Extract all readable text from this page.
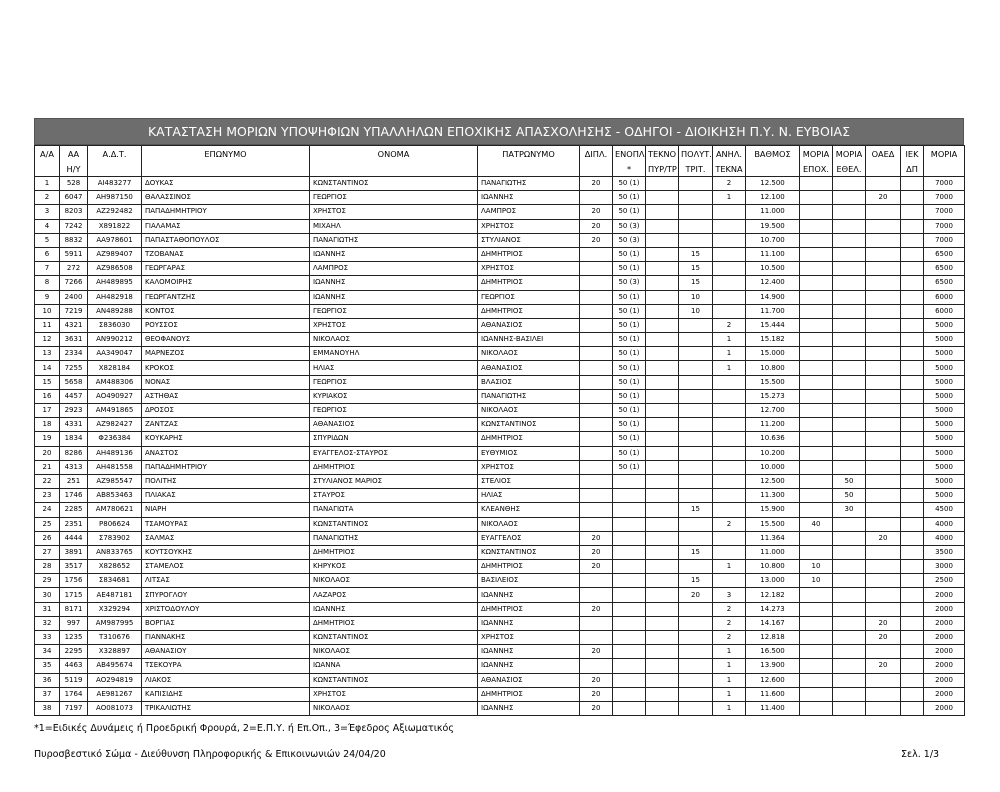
ΚΑΤΑΣΤΑΣΗ ΜΟΡΙΩΝ ΥΠΟΨΗΦΙΩΝ ΥΠΑΛΛΗΛΩΝ ΕΠΟΧΙΚΗΣ ΑΠΑΣΧΟΛΗΣΗΣ - ΟΔΗΓΟΙ - ΔΙΟΙΚΗΣΗ Π.Υ. Ν. ΕΥΒΟΙΑΣ
Α/Α	ΑΑ	Α.Δ.Τ.	ΕΠΩΝΥΜΟ	ΟΝΟΜΑ	ΠΑΤΡΩΝΥΜΟ	ΔΙΠΛ.	ΕΝΟΠΛ	ΤΕΚΝΟ	ΠΟΛΥΤ.	ΑΝΗΛ.	ΒΑΘΜΟΣ	ΜΟΡΙΑ	ΜΟΡΙΑ	ΟΑΕΔ	ΙΕΚ	ΜΟΡΙΑ
	Η/Υ						*	ΠΥΡ/ΤΡ	ΤΡΙΤ.	ΤΕΚΝΑ		ΕΠΟΧ.	ΕΘΕΛ.		ΔΠ	
1	528	ΑΙ483277	ΔΟΥΚΑΣ	ΚΩΝΣΤΑΝΤΙΝΟΣ	ΠΑΝΑΓΙΩΤΗΣ	20	50 (1)			2	12.500					7000
2	6047	ΑΗ987150	ΘΑΛΑΣΣΙΝΟΣ	ΓΕΩΡΓΙΟΣ	ΙΩΑΝΝΗΣ		50 (1)			1	12.100			20		7000
3	8203	ΑΖ292482	ΠΑΠΑΔΗΜΗΤΡΙΟΥ	ΧΡΗΣΤΟΣ	ΛΑΜΠΡΟΣ	20	50 (1)				11.000					7000
4	7242	Χ891822	ΓΙΑΛΑΜΑΣ	ΜΙΧΑΗΛ	ΧΡΗΣΤΟΣ	20	50 (3)				19.500					7000
5	8832	ΑΑ978601	ΠΑΠΑΣΤΑΘΟΠΟΥΛΟΣ	ΠΑΝΑΓΙΩΤΗΣ	ΣΤΥΛΙΑΝΟΣ	20	50 (3)				10.700					7000
6	5911	ΑΖ989407	ΤΖΟΒΑΝΑΣ	ΙΩΑΝΝΗΣ	ΔΗΜΗΤΡΙΟΣ		50 (1)		15		11.100					6500
7	272	ΑΖ986508	ΓΕΩΡΓΑΡΑΣ	ΛΑΜΠΡΟΣ	ΧΡΗΣΤΟΣ		50 (1)		15		10.500					6500
8	7266	ΑΗ489895	ΚΑΛΟΜΟΙΡΗΣ	ΙΩΑΝΝΗΣ	ΔΗΜΗΤΡΙΟΣ		50 (3)		15		12.400					6500
9	2400	ΑΗ482918	ΓΕΩΡΓΑΝΤΖΗΣ	ΙΩΑΝΝΗΣ	ΓΕΩΡΓΙΟΣ		50 (1)		10		14.900					6000
10	7219	ΑΝ489288	ΚΟΝΤΟΣ	ΓΕΩΡΓΙΟΣ	ΔΗΜΗΤΡΙΟΣ		50 (1)		10		11.700					6000
11	4321	Σ836030	ΡΟΥΣΣΟΣ	ΧΡΗΣΤΟΣ	ΑΘΑΝΑΣΙΟΣ		50 (1)			2	15.444					5000
12	3631	ΑΝ990212	ΘΕΟΦΑΝΟΥΣ	ΝΙΚΟΛΑΟΣ	ΙΩΑΝΝΗΣ-ΒΑΣΙΛΕΙ		50 (1)			1	15.182					5000
13	2334	ΑΑ349047	ΜΑΡΝΕΖΟΣ	ΕΜΜΑΝΟΥΗΛ	ΝΙΚΟΛΑΟΣ		50 (1)			1	15.000					5000
14	7255	Χ828184	ΚΡΟΚΟΣ	ΗΛΙΑΣ	ΑΘΑΝΑΣΙΟΣ		50 (1)			1	10.800					5000
15	5658	ΑΜ488306	ΝΟΝΑΣ	ΓΕΩΡΓΙΟΣ	ΒΛΑΣΙΟΣ		50 (1)				15.500					5000
16	4457	ΑΟ490927	ΑΣΤΗΘΑΣ	ΚΥΡΙΑΚΟΣ	ΠΑΝΑΓΙΩΤΗΣ		50 (1)				15.273					5000
17	2923	ΑΜ491865	ΔΡΟΣΟΣ	ΓΕΩΡΓΙΟΣ	ΝΙΚΟΛΑΟΣ		50 (1)				12.700					5000
18	4331	ΑΖ982427	ΖΑΝΤΖΑΣ	ΑΘΑΝΑΣΙΟΣ	ΚΩΝΣΤΑΝΤΙΝΟΣ		50 (1)				11.200					5000
19	1834	Φ236384	ΚΟΥΚΑΡΗΣ	ΣΠΥΡΙΔΩΝ	ΔΗΜΗΤΡΙΟΣ		50 (1)				10.636					5000
20	8286	ΑΗ489136	ΑΝΑΣΤΟΣ	ΕΥΑΓΓΕΛΟΣ-ΣΤΑΥΡΟΣ	ΕΥΘΥΜΙΟΣ		50 (1)				10.200					5000
21	4313	ΑΗ481558	ΠΑΠΑΔΗΜΗΤΡΙΟΥ	ΔΗΜΗΤΡΙΟΣ	ΧΡΗΣΤΟΣ		50 (1)				10.000					5000
22	251	ΑΖ985547	ΠΟΛΙΤΗΣ	ΣΤΥΛΙΑΝΟΣ ΜΑΡΙΟΣ	ΣΤΕΛΙΟΣ						12.500		50			5000
23	1746	ΑΒ853463	ΠΛΙΑΚΑΣ	ΣΤΑΥΡΟΣ	ΗΛΙΑΣ						11.300		50			5000
24	2285	ΑΜ780621	ΝΙΑΡΗ	ΠΑΝΑΓΙΩΤΑ	ΚΛΕΑΝΘΗΣ				15		15.900		30			4500
25	2351	Ρ806624	ΤΣΑΜΟΥΡΑΣ	ΚΩΝΣΤΑΝΤΙΝΟΣ	ΝΙΚΟΛΑΟΣ					2	15.500	40				4000
26	4444	Σ783902	ΣΑΛΜΑΣ	ΠΑΝΑΓΙΩΤΗΣ	ΕΥΑΓΓΕΛΟΣ	20					11.364			20		4000
27	3891	ΑΝ833765	ΚΟΥΤΣΟΥΚΗΣ	ΔΗΜΗΤΡΙΟΣ	ΚΩΝΣΤΑΝΤΙΝΟΣ	20			15		11.000					3500
28	3517	Χ828652	ΣΤΑΜΕΛΟΣ	ΚΗΡΥΚΟΣ	ΔΗΜΗΤΡΙΟΣ	20				1	10.800	10				3000
29	1756	Σ834681	ΛΙΤΣΑΣ	ΝΙΚΟΛΑΟΣ	ΒΑΣΙΛΕΙΟΣ				15		13.000	10				2500
30	1715	ΑΕ487181	ΣΠΥΡΟΓΛΟΥ	ΛΑΖΑΡΟΣ	ΙΩΑΝΝΗΣ				20	3	12.182					2000
31	8171	Χ329294	ΧΡΙΣΤΟΔΟΥΛΟΥ	ΙΩΑΝΝΗΣ	ΔΗΜΗΤΡΙΟΣ	20				2	14.273					2000
32	997	ΑΜ987995	ΒΟΡΓΙΑΣ	ΔΗΜΗΤΡΙΟΣ	ΙΩΑΝΝΗΣ					2	14.167			20		2000
33	1235	Τ310676	ΓΙΑΝΝΑΚΗΣ	ΚΩΝΣΤΑΝΤΙΝΟΣ	ΧΡΗΣΤΟΣ					2	12.818			20		2000
34	2295	Χ328897	ΑΘΑΝΑΣΙΟΥ	ΝΙΚΟΛΑΟΣ	ΙΩΑΝΝΗΣ	20				1	16.500					2000
35	4463	ΑΒ495674	ΤΣΕΚΟΥΡΑ	ΙΩΑΝΝΑ	ΙΩΑΝΝΗΣ					1	13.900			20		2000
36	5119	ΑΟ294819	ΛΙΑΚΟΣ	ΚΩΝΣΤΑΝΤΙΝΟΣ	ΑΘΑΝΑΣΙΟΣ	20				1	12.600					2000
37	1764	ΑΕ981267	ΚΑΠΙΣΙΔΗΣ	ΧΡΗΣΤΟΣ	ΔΗΜΗΤΡΙΟΣ	20				1	11.600					2000
38	7197	ΑΟ081073	ΤΡΙΚΑΛΙΩΤΗΣ	ΝΙΚΟΛΑΟΣ	ΙΩΑΝΝΗΣ	20				1	11.400					2000
*1=Ειδικές Δυνάμεις ή Προεδρική Φρουρά, 2=Ε.Π.Υ. ή Επ.Οπ., 3=Έφεδρος Αξιωματικός
Πυροσβεστικό Σώμα - Διεύθυνση Πληροφορικής & Επικοινωνιών 24/04/20	Σελ. 1/3
